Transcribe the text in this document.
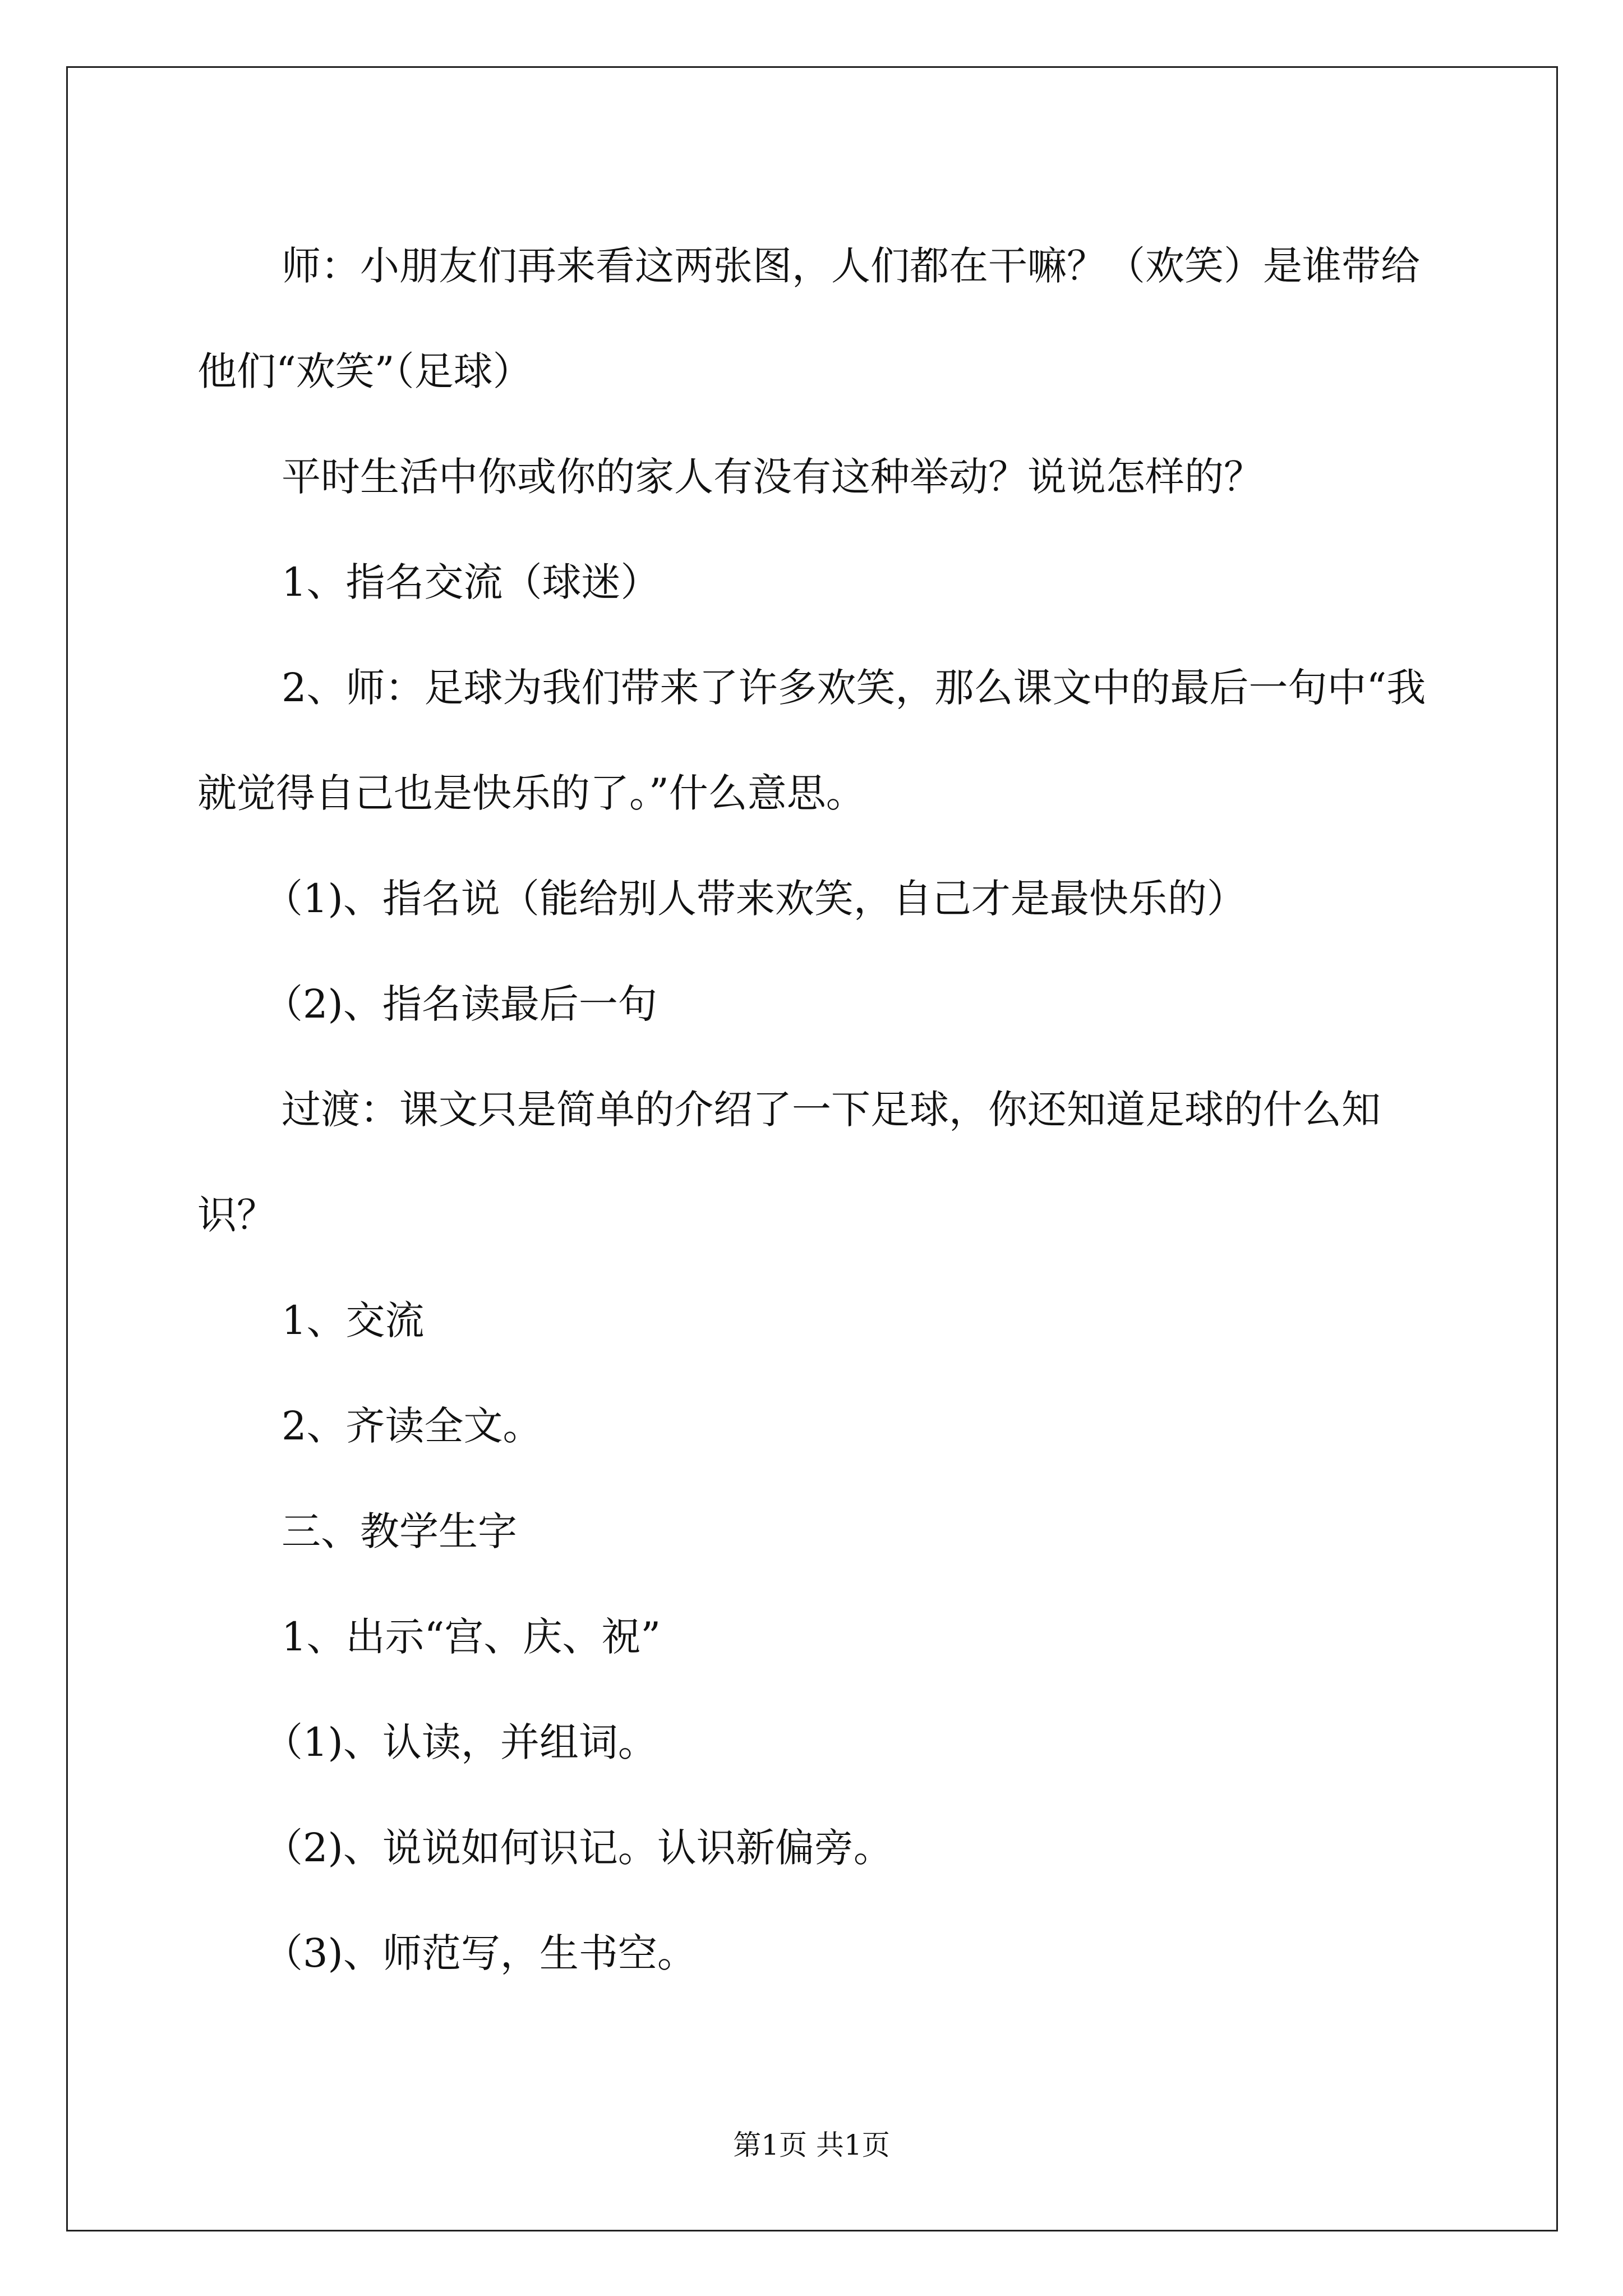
师：小朋友们再来看这两张图，人们都在干嘛？（欢笑）是谁带给他们“欢笑”（足球）

平时生活中你或你的家人有没有这种举动？说说怎样的？

1、指名交流（球迷）

2、师：足球为我们带来了许多欢笑，那么课文中的最后一句中“我就觉得自己也是快乐的了。”什么意思。

（1)、指名说（能给别人带来欢笑，自己才是最快乐的）

（2)、指名读最后一句

过渡：课文只是简单的介绍了一下足球，你还知道足球的什么知识？

1、交流

2、齐读全文。

三、教学生字

1、出示“宫、庆、祝”

（1)、认读，并组词。

（2)、说说如何识记。认识新偏旁。

（3)、师范写，生书空。

第1页 共1页
